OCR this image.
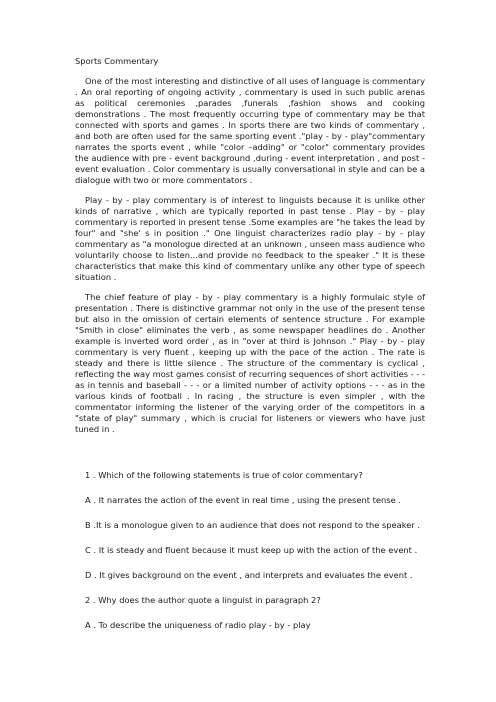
Sports Commentary

One of the most interesting and distinctive of all uses of language is commentary . An oral reporting of ongoing activity , commentary is used in such public arenas as political ceremonies ,parades ,funerals ,fashion shows and cooking demonstrations . The most frequently occurring type of commentary may be that connected with sports and games . In sports there are two kinds of commentary , and both are often used for the same sporting event ."play - by - play"commentary narrates the sports event , while "color –adding" or "color" commentary provides the audience with pre - event background ,during - event interpretation , and post - event evaluation . Color commentary is usually conversational in style and can be a dialogue with two or more commentators .

Play - by - play commentary is of interest to linguists because it is unlike other kinds of narrative , which are typically reported in past tense . Play - by - play commentary is reported in present tense .Some examples are "he takes the lead by four" and "she' s in position ." One linguist characterizes radio play - by - play commentary as "a monologue directed at an unknown , unseen mass audience who voluntarily choose to listen...and provide no feedback to the speaker ." It is these characteristics that make this kind of commentary unlike any other type of speech situation .

The chief feature of play - by - play commentary is a highly formulaic style of presentation . There is distinctive grammar not only in the use of the present tense but also in the omission of certain elements of sentence structure . For example "Smith in close" eliminates the verb , as some newspaper headlines do . Another example is inverted word order , as in "over at third is Johnson ." Play - by - play commentary is very fluent , keeping up with the pace of the action . The rate is steady and there is little silence . The structure of the commentary is cyclical , reflecting the way most games consist of recurring sequences of short activities - - - as in tennis and baseball - - - or a limited number of activity options - - - as in the various kinds of football . In racing , the structure is even simpler , with the commentator informing the listener of the varying order of the competitors in a "state of play" summary , which is crucial for listeners or viewers who have just tuned in .

1 . Which of the following statements is true of color commentary?
A . It narrates the action of the event in real time , using the present tense .
B .It is a monologue given to an audience that does not respond to the speaker .
C . It is steady and fluent because it must keep up with the action of the event .
D . It gives background on the event , and interprets and evaluates the event .
2 . Why does the author quote a linguist in paragraph 2?
A . To describe the uniqueness of radio play - by - play
